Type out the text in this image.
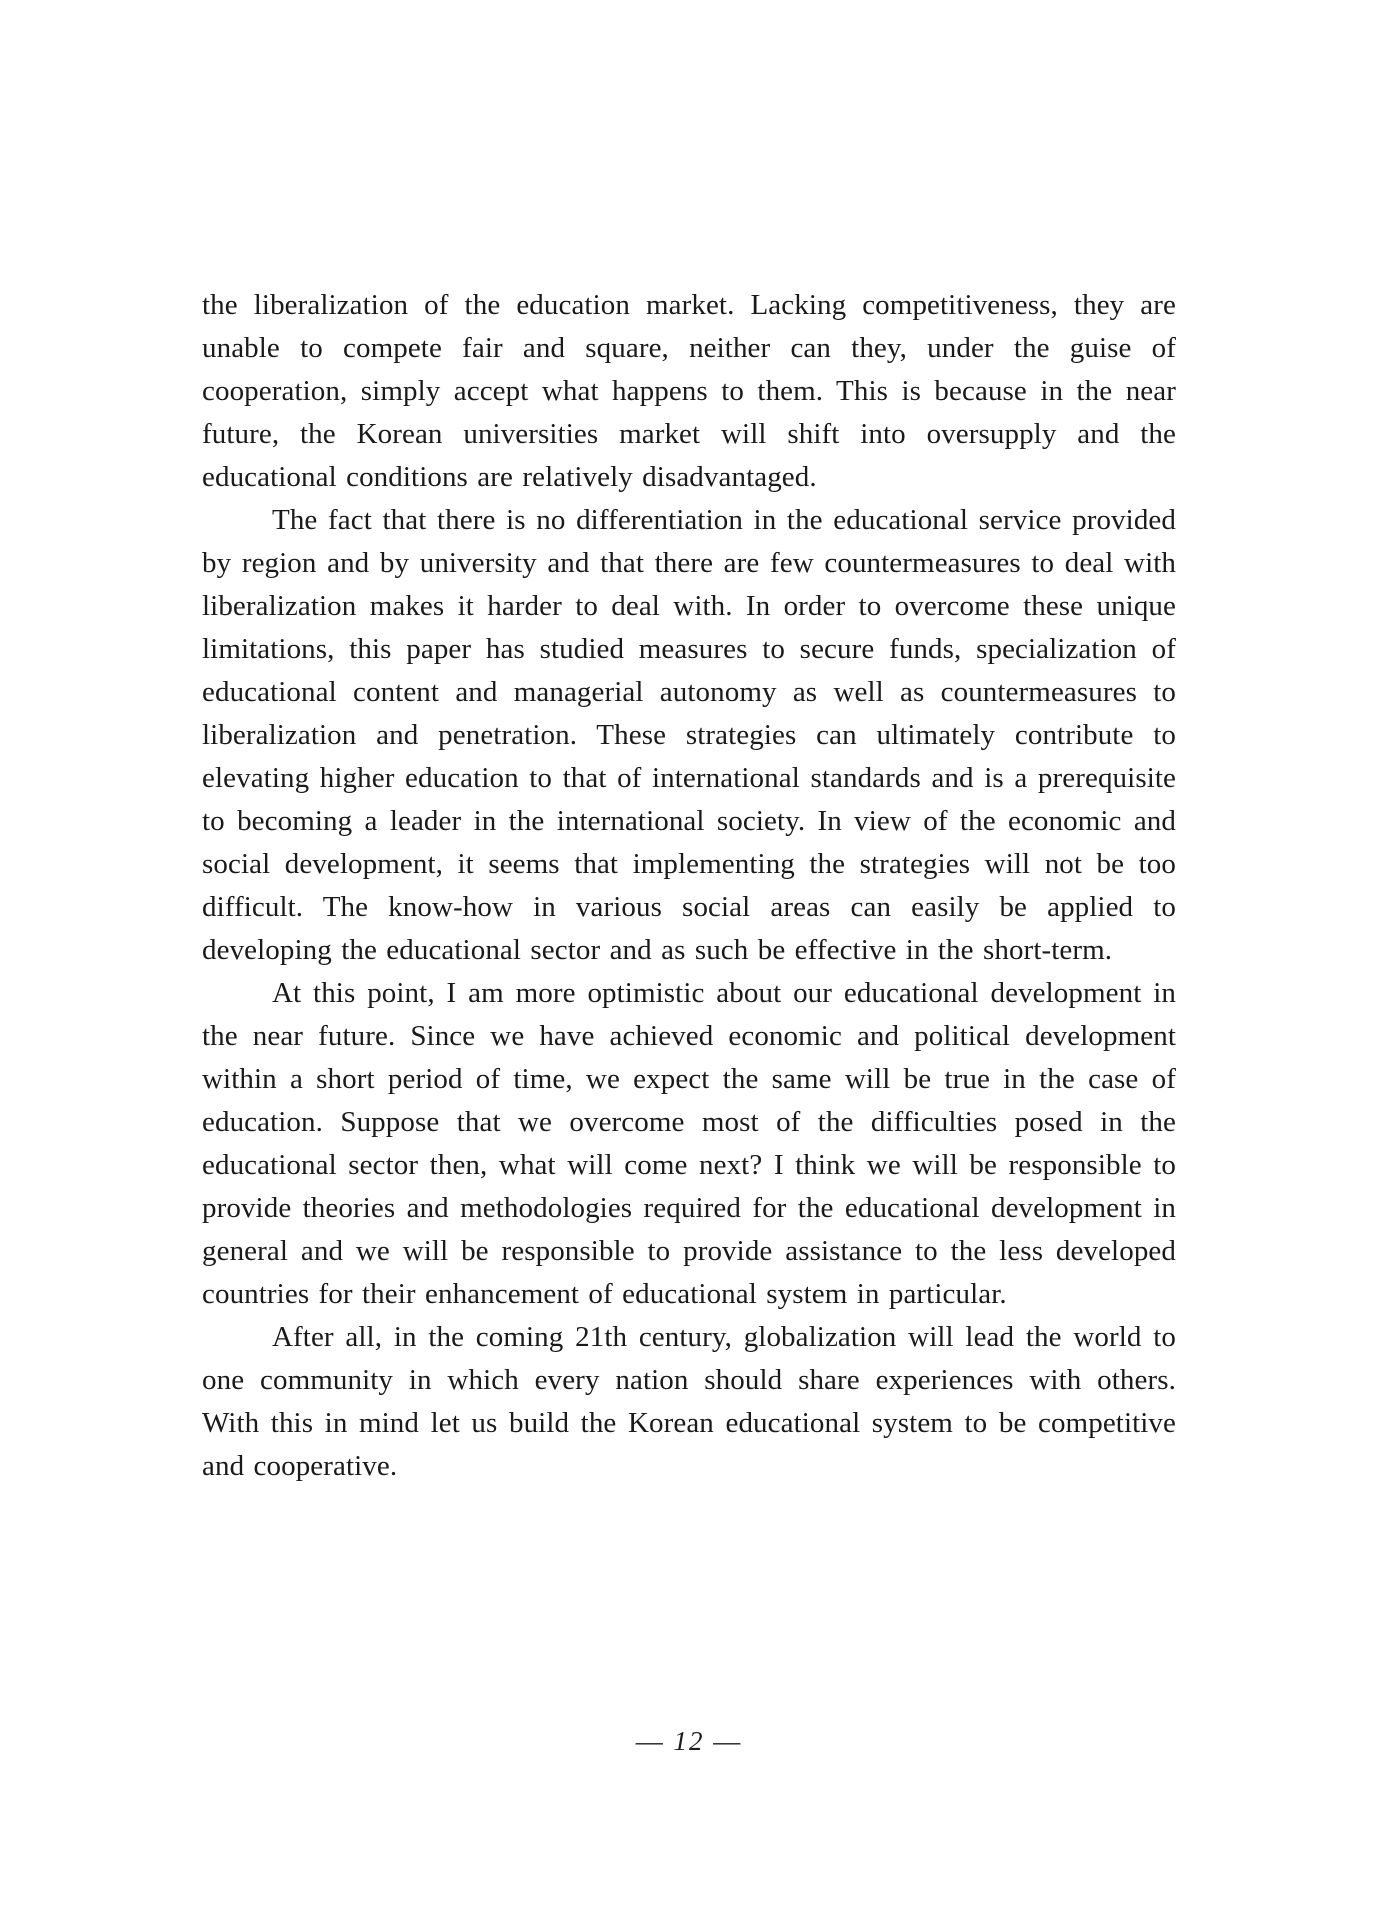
the liberalization of the education market. Lacking competitiveness, they are unable to compete fair and square, neither can they, under the guise of cooperation, simply accept what happens to them. This is because in the near future, the Korean universities market will shift into oversupply and the educational conditions are relatively disadvantaged.

The fact that there is no differentiation in the educational service provided by region and by university and that there are few countermeasures to deal with liberalization makes it harder to deal with. In order to overcome these unique limitations, this paper has studied measures to secure funds, specialization of educational content and managerial autonomy as well as countermeasures to liberalization and penetration. These strategies can ultimately contribute to elevating higher education to that of international standards and is a prerequisite to becoming a leader in the international society. In view of the economic and social development, it seems that implementing the strategies will not be too difficult. The know-how in various social areas can easily be applied to developing the educational sector and as such be effective in the short-term.

At this point, I am more optimistic about our educational development in the near future. Since we have achieved economic and political development within a short period of time, we expect the same will be true in the case of education. Suppose that we overcome most of the difficulties posed in the educational sector then, what will come next? I think we will be responsible to provide theories and methodologies required for the educational development in general and we will be responsible to provide assistance to the less developed countries for their enhancement of educational system in particular.

After all, in the coming 21th century, globalization will lead the world to one community in which every nation should share experiences with others. With this in mind let us build the Korean educational system to be competitive and cooperative.

— 12 —
